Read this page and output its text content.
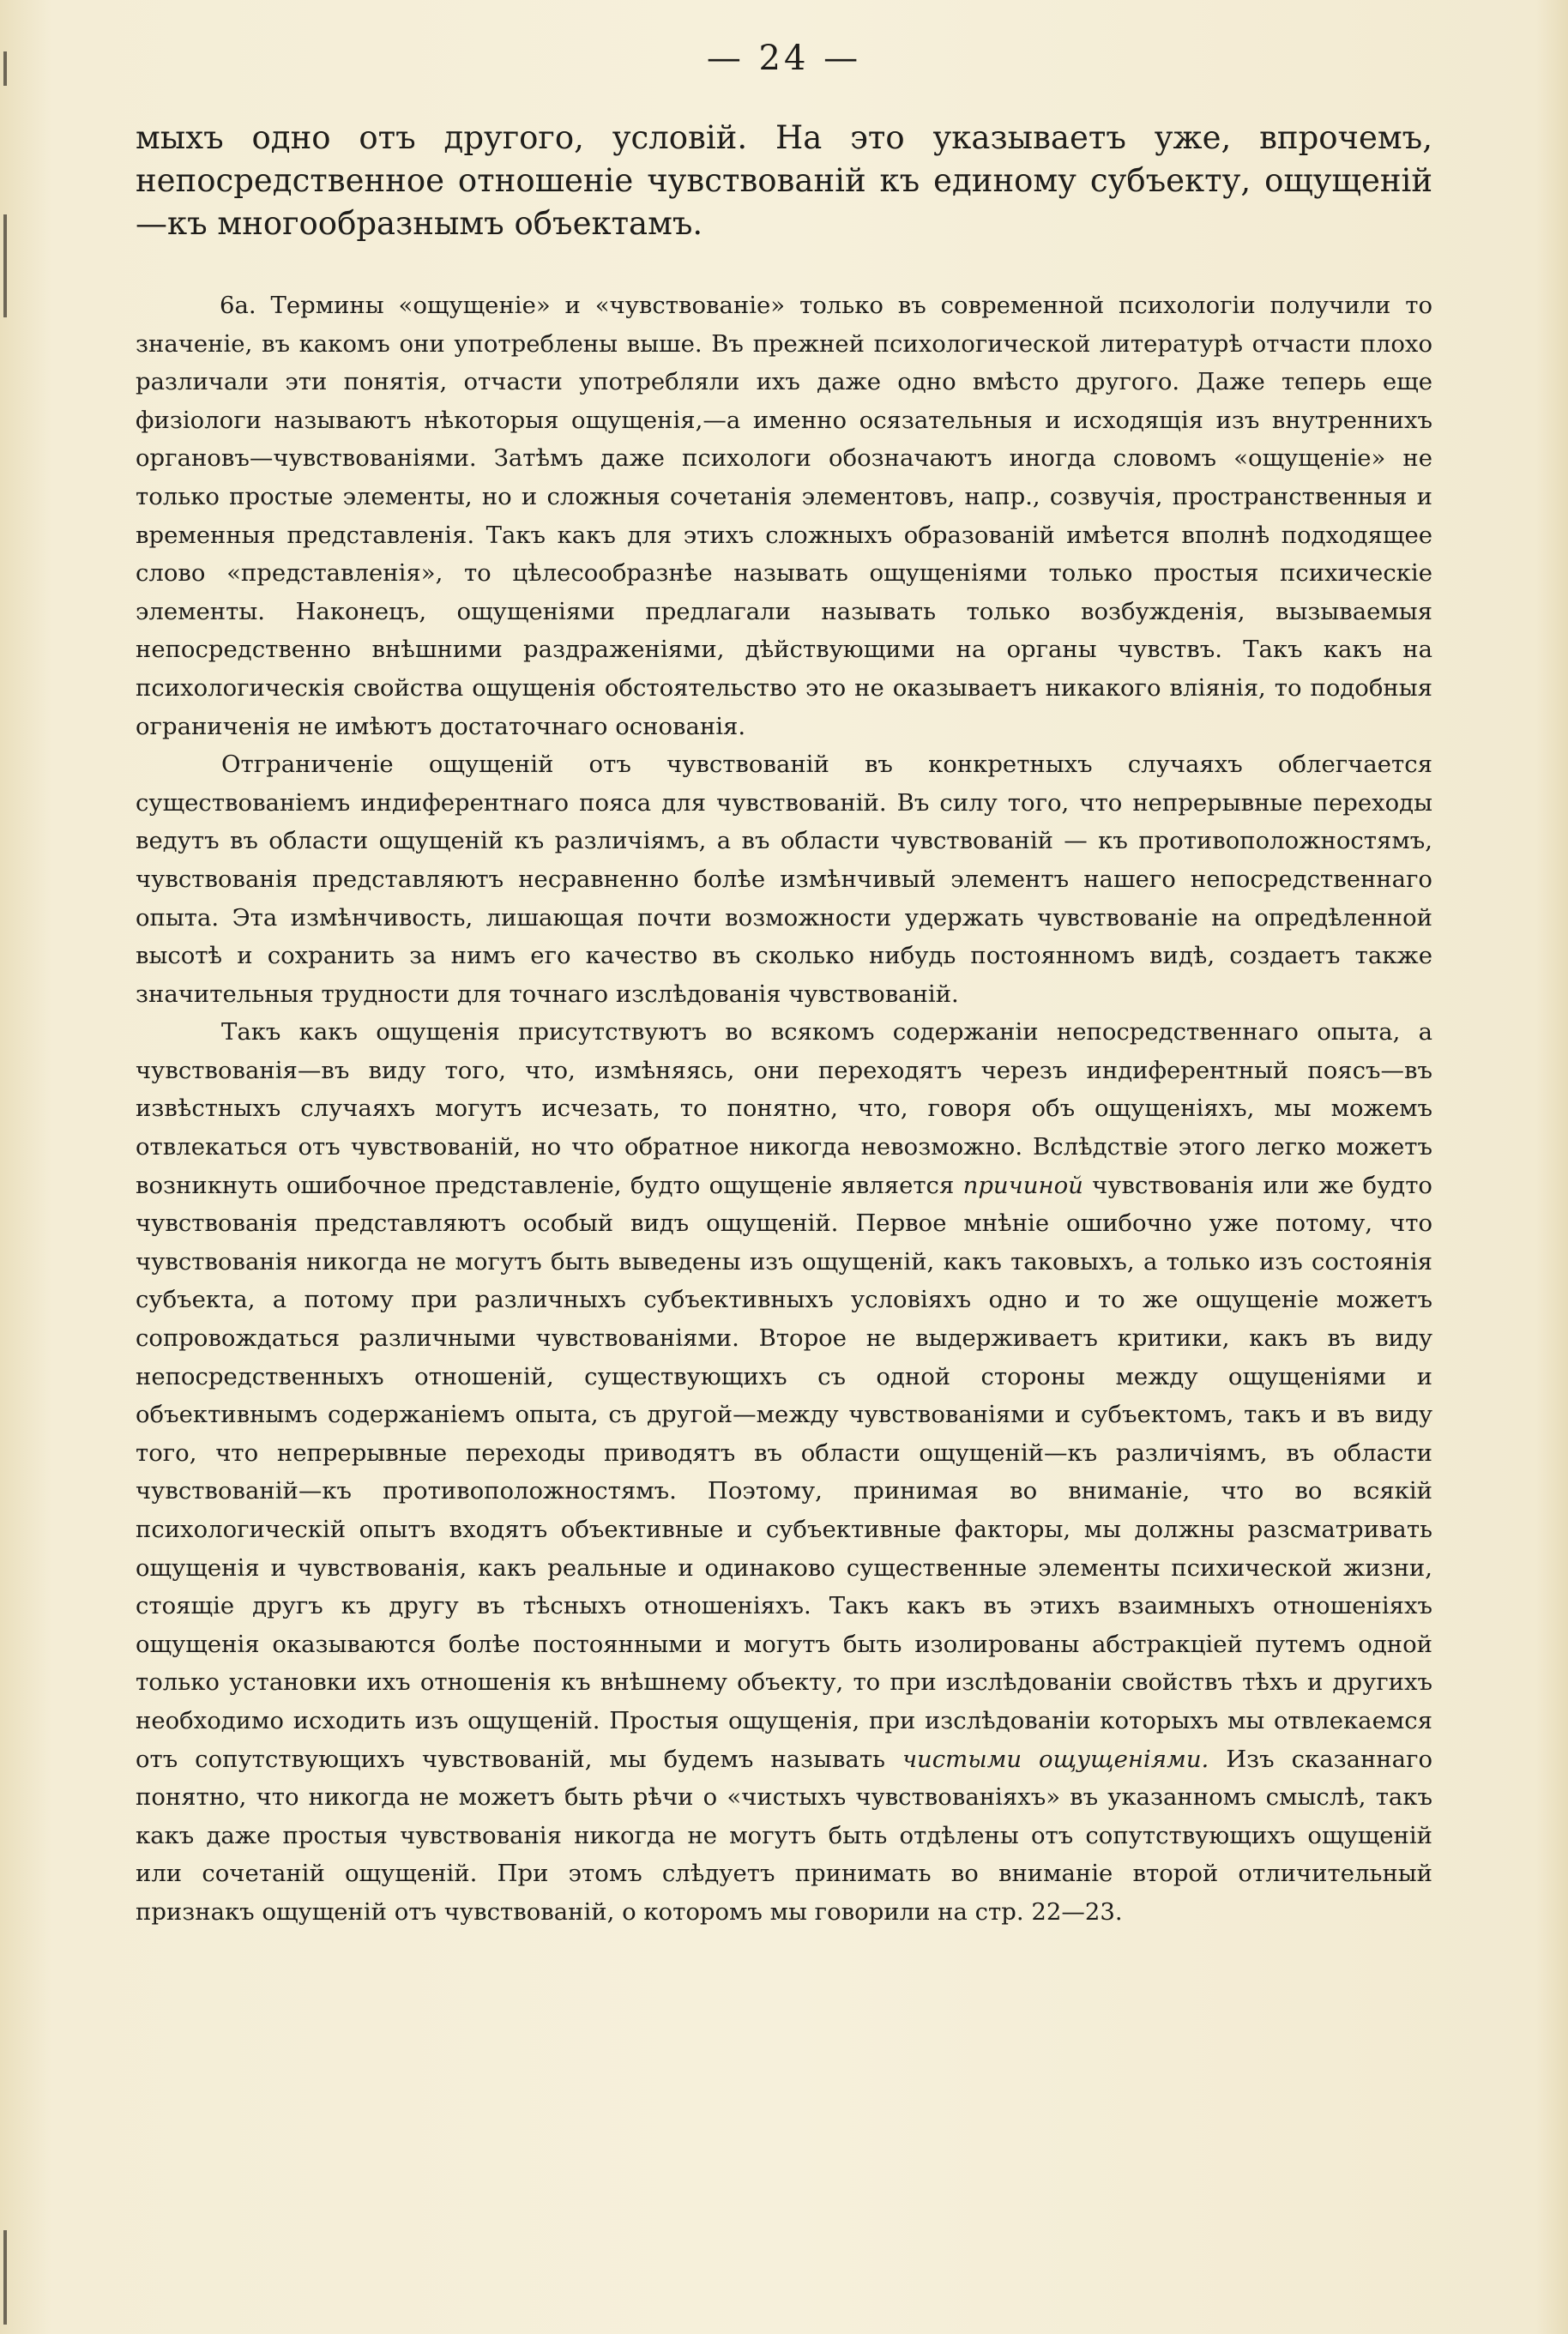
— 24 —

мыхъ одно отъ другого, условій. На это указываетъ уже, впрочемъ, непосредственное отношеніе чувствованій къ единому субъекту, ощущеній—къ многообразнымъ объектамъ.

6a. Термины «ощущеніе» и «чувствованіе» только въ современной психологіи получили то значеніе, въ какомъ они употреблены выше. Въ прежней психологической литературѣ отчасти плохо различали эти понятія, отчасти употребляли ихъ даже одно вмѣсто другого. Даже теперь еще физіологи называютъ нѣкоторыя ощущенія,—а именно осязательныя и исходящія изъ внутреннихъ органовъ—чувствованіями. Затѣмъ даже психологи обозначаютъ иногда словомъ «ощущеніе» не только простые элементы, но и сложныя сочетанія элементовъ, напр., созвучія, пространственныя и временныя представленія. Такъ какъ для этихъ сложныхъ образованій имѣется вполнѣ подходящее слово «представленія», то цѣлесообразнѣе называть ощущеніями только простыя психическіе элементы. Наконецъ, ощущеніями предлагали называть только возбужденія, вызываемыя непосредственно внѣшними раздраженіями, дѣйствующими на органы чувствъ. Такъ какъ на психологическія свойства ощущенія обстоятельство это не оказываетъ никакого вліянія, то подобныя ограниченія не имѣютъ достаточнаго основанія.

Отграниченіе ощущеній отъ чувствованій въ конкретныхъ случаяхъ облегчается существованіемъ индиферентнаго пояса для чувствованій. Въ силу того, что непрерывные переходы ведутъ въ области ощущеній къ различіямъ, а въ области чувствованій — къ противоположностямъ, чувствованія представляютъ несравненно болѣе измѣнчивый элементъ нашего непосредственнаго опыта. Эта измѣнчивость, лишающая почти возможности удержать чувствованіе на опредѣленной высотѣ и сохранить за нимъ его качество въ сколько нибудь постоянномъ видѣ, создаетъ также значительныя трудности для точнаго изслѣдованія чувствованій.

Такъ какъ ощущенія присутствуютъ во всякомъ содержаніи непосредственнаго опыта, а чувствованія—въ виду того, что, измѣняясь, они переходятъ черезъ индиферентный поясъ—въ извѣстныхъ случаяхъ могутъ исчезать, то понятно, что, говоря объ ощущеніяхъ, мы можемъ отвлекаться отъ чувствованій, но что обратное никогда невозможно. Вслѣдствіе этого легко можетъ возникнуть ошибочное представленіе, будто ощущеніе является причиной чувствованія или же будто чувствованія представляютъ особый видъ ощущеній. Первое мнѣніе ошибочно уже потому, что чувствованія никогда не могутъ быть выведены изъ ощущеній, какъ таковыхъ, а только изъ состоянія субъекта, а потому при различныхъ субъективныхъ условіяхъ одно и то же ощущеніе можетъ сопровождаться различными чувствованіями. Второе не выдерживаетъ критики, какъ въ виду непосредственныхъ отношеній, существующихъ съ одной стороны между ощущеніями и объективнымъ содержаніемъ опыта, съ другой—между чувствованіями и субъектомъ, такъ и въ виду того, что непрерывные переходы приводятъ въ области ощущеній—къ различіямъ, въ области чувствованій—къ противоположностямъ. Поэтому, принимая во вниманіе, что во всякій психологическій опытъ входятъ объективные и субъективные факторы, мы должны разсматривать ощущенія и чувствованія, какъ реальные и одинаково существенные элементы психической жизни, стоящіе другъ къ другу въ тѣсныхъ отношеніяхъ. Такъ какъ въ этихъ взаимныхъ отношеніяхъ ощущенія оказываются болѣе постоянными и могутъ быть изолированы абстракціей путемъ одной только установки ихъ отношенія къ внѣшнему объекту, то при изслѣдованіи свойствъ тѣхъ и другихъ необходимо исходить изъ ощущеній. Простыя ощущенія, при изслѣдованіи которыхъ мы отвлекаемся отъ сопутствующихъ чувствованій, мы будемъ называть чистыми ощущеніями. Изъ сказаннаго понятно, что никогда не можетъ быть рѣчи о «чистыхъ чувствованіяхъ» въ указанномъ смыслѣ, такъ какъ даже простыя чувствованія никогда не могутъ быть отдѣлены отъ сопутствующихъ ощущеній или сочетаній ощущеній. При этомъ слѣдуетъ принимать во вниманіе второй отличительный признакъ ощущеній отъ чувствованій, о которомъ мы говорили на стр. 22—23.
